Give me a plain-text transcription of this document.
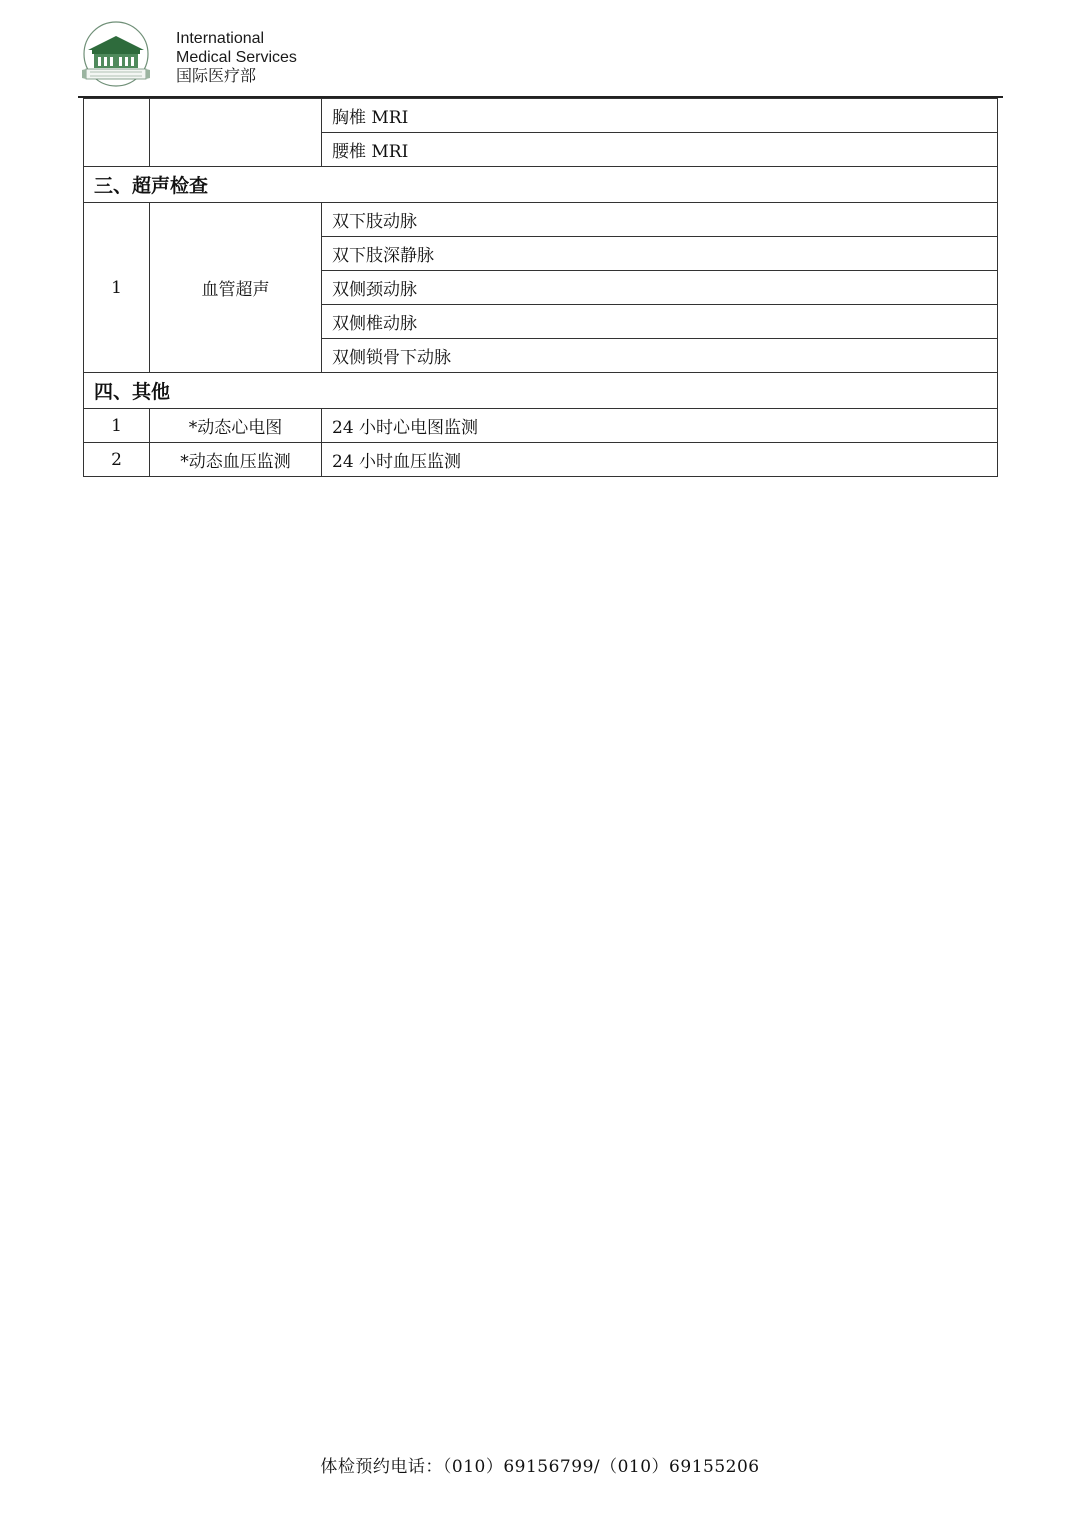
International
Medical Services
国际医疗部
		胸椎 MRI
		腰椎 MRI
三、超声检查		
1	血管超声	双下肢动脉
		双下肢深静脉
		双侧颈动脉
		双侧椎动脉
		双侧锁骨下动脉
四、其他		
1	*动态心电图	24 小时心电图监测
2	*动态血压监测	24 小时血压监测
体检预约电话：（010）69156799/（010）69155206
